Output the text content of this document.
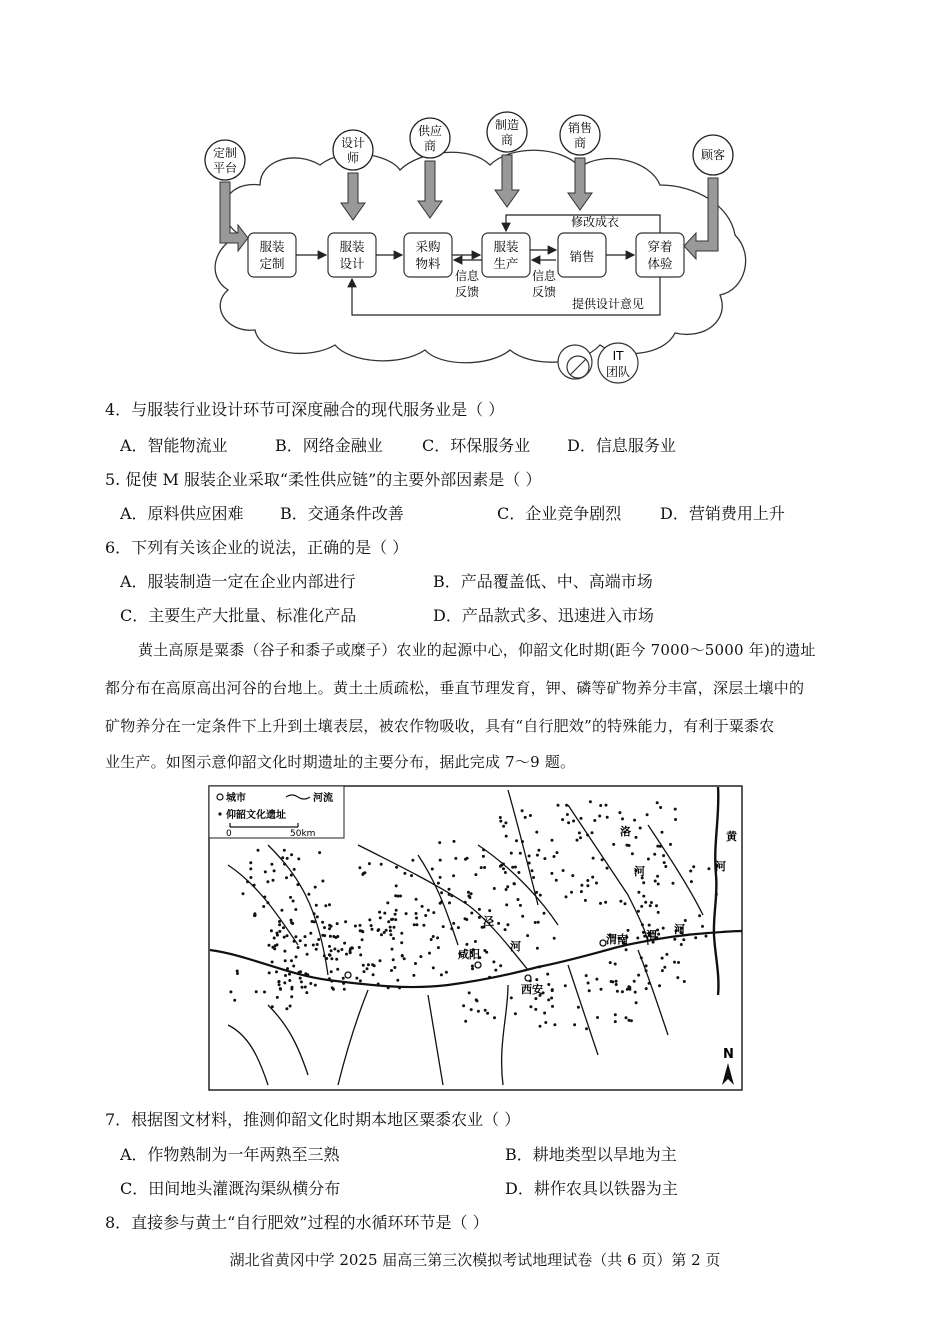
定制
平台
设计
师
供应
商
制造
商
销售
商
顾客
服装
定制
服装
设计
采购
物料
服装
生产	销售
穿着
体验
修改成衣
信息
反馈
信息
反馈
提供设计意见
IT
团队
4．与服装行业设计环节可深度融合的现代服务业是（ ）
A．智能物流业	B．网络金融业 C．环保服务业 D．信息服务业
5. 促使 M 服装企业采取“柔性供应链”的主要外部因素是（ ）
A．原料供应困难 B．交通条件改善	C．企业竞争剧烈 D．营销费用上升
6．下列有关该企业的说法，正确的是（ ）
A．服装制造一定在企业内部进行	B．产品覆盖低、中、高端市场
C．主要生产大批量、标准化产品	D．产品款式多、迅速进入市场
黄土高原是粟黍（谷子和黍子或糜子）农业的起源中心，仰韶文化时期(距今 7000～5000 年)的遗址
都分布在高原高出河谷的台地上。黄土土质疏松，垂直节理发育，钾、磷等矿物养分丰富，深层土壤中的
矿物养分在一定条件下上升到土壤表层，被农作物吸收，具有“自行肥效”的特殊能力，有利于粟黍农
业生产。如图示意仰韶文化时期遗址的主要分布，据此完成 7～9 题。
城市	河流
仰韶文化遗址
0	50km	洛
河
黄
河
泾
河
渭南 渭 河
咸阳
西安
N
7．根据图文材料，推测仰韶文化时期本地区粟黍农业（ ）
A．作物熟制为一年两熟至三熟	B．耕地类型以旱地为主
C．田间地头灌溉沟渠纵横分布	D．耕作农具以铁器为主
8．直接参与黄土“自行肥效”过程的水循环环节是（ ）
湖北省黄冈中学 2025 届高三第三次模拟考试地理试卷（共 6 页）第 2 页
